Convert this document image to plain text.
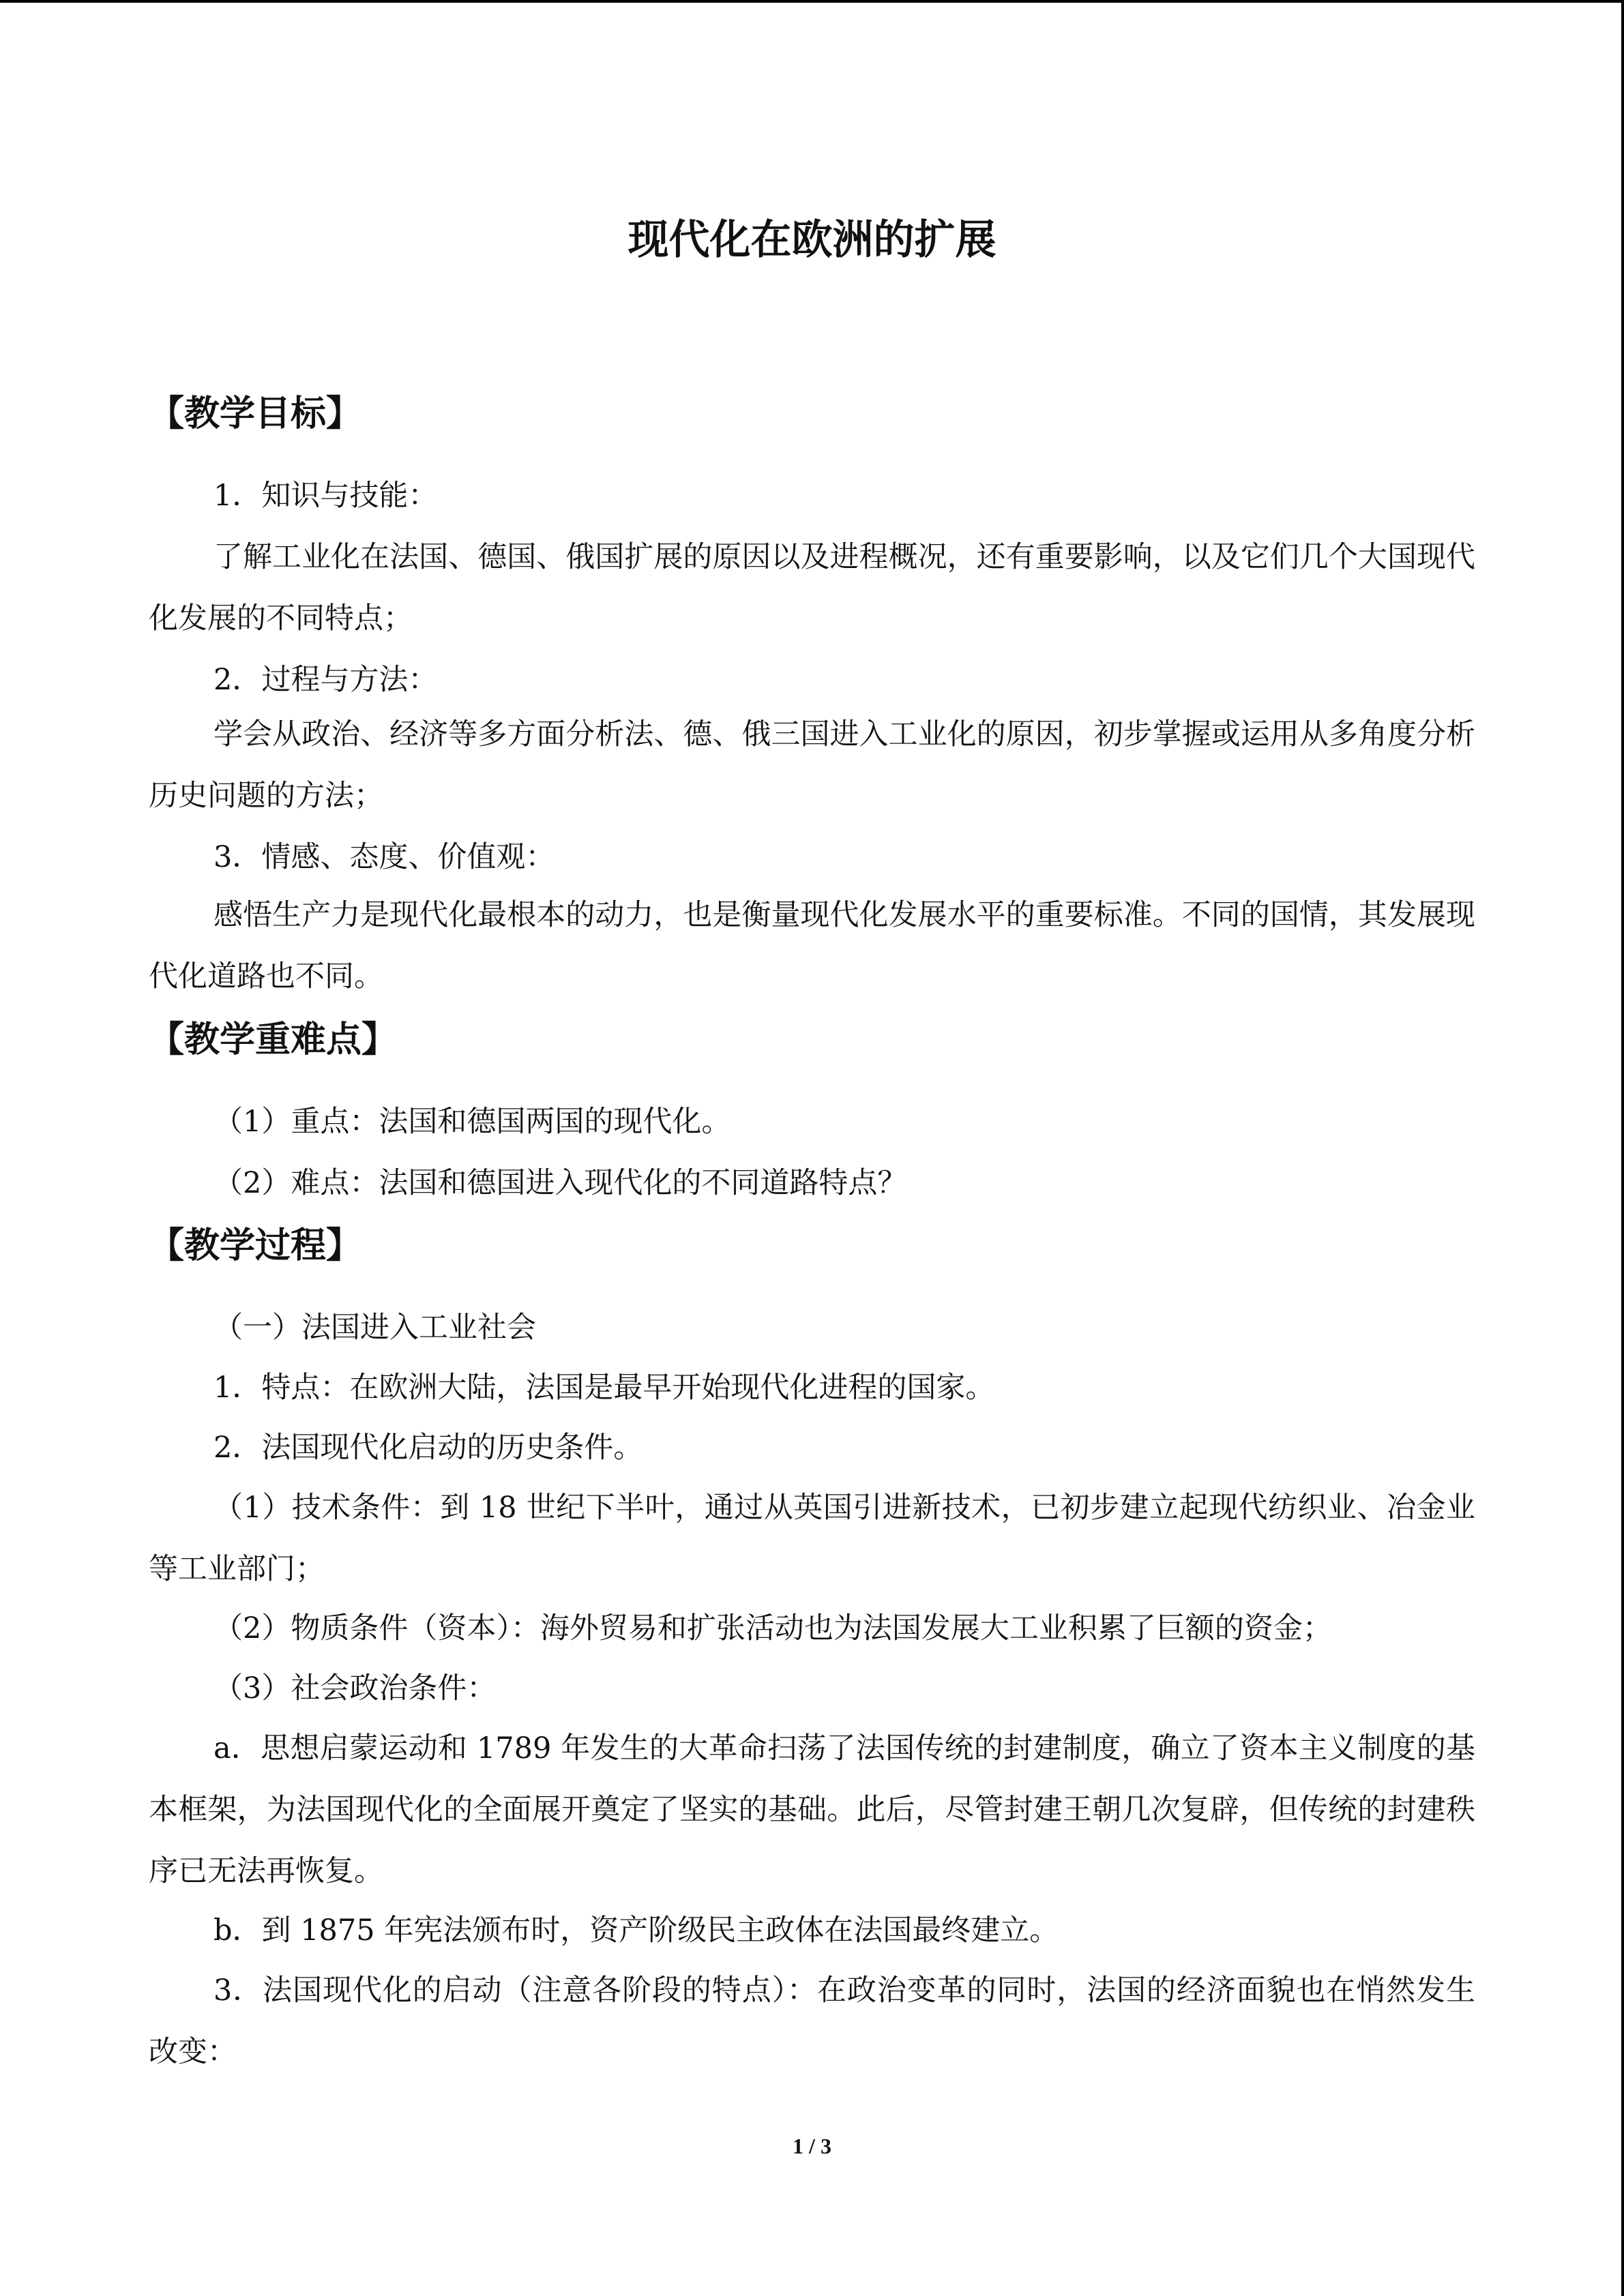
现代化在欧洲的扩展
【教学目标】

1．知识与技能：

了解工业化在法国、德国、俄国扩展的原因以及进程概况，还有重要影响，以及它们几个大国现代化发展的不同特点；

2．过程与方法：

学会从政治、经济等多方面分析法、德、俄三国进入工业化的原因，初步掌握或运用从多角度分析历史问题的方法；

3．情感、态度、价值观：

感悟生产力是现代化最根本的动力，也是衡量现代化发展水平的重要标准。不同的国情，其发展现代化道路也不同。

【教学重难点】

（1）重点：法国和德国两国的现代化。

（2）难点：法国和德国进入现代化的不同道路特点？

【教学过程】

（一）法国进入工业社会

1．特点：在欧洲大陆，法国是最早开始现代化进程的国家。

2．法国现代化启动的历史条件。

（1）技术条件：到 18 世纪下半叶，通过从英国引进新技术，已初步建立起现代纺织业、冶金业等工业部门；

（2）物质条件（资本）：海外贸易和扩张活动也为法国发展大工业积累了巨额的资金；

（3）社会政治条件：

a．思想启蒙运动和 1789 年发生的大革命扫荡了法国传统的封建制度，确立了资本主义制度的基本框架，为法国现代化的全面展开奠定了坚实的基础。此后，尽管封建王朝几次复辟，但传统的封建秩序已无法再恢复。

b．到 1875 年宪法颁布时，资产阶级民主政体在法国最终建立。

3．法国现代化的启动（注意各阶段的特点）：在政治变革的同时，法国的经济面貌也在悄然发生改变：

1 / 3
